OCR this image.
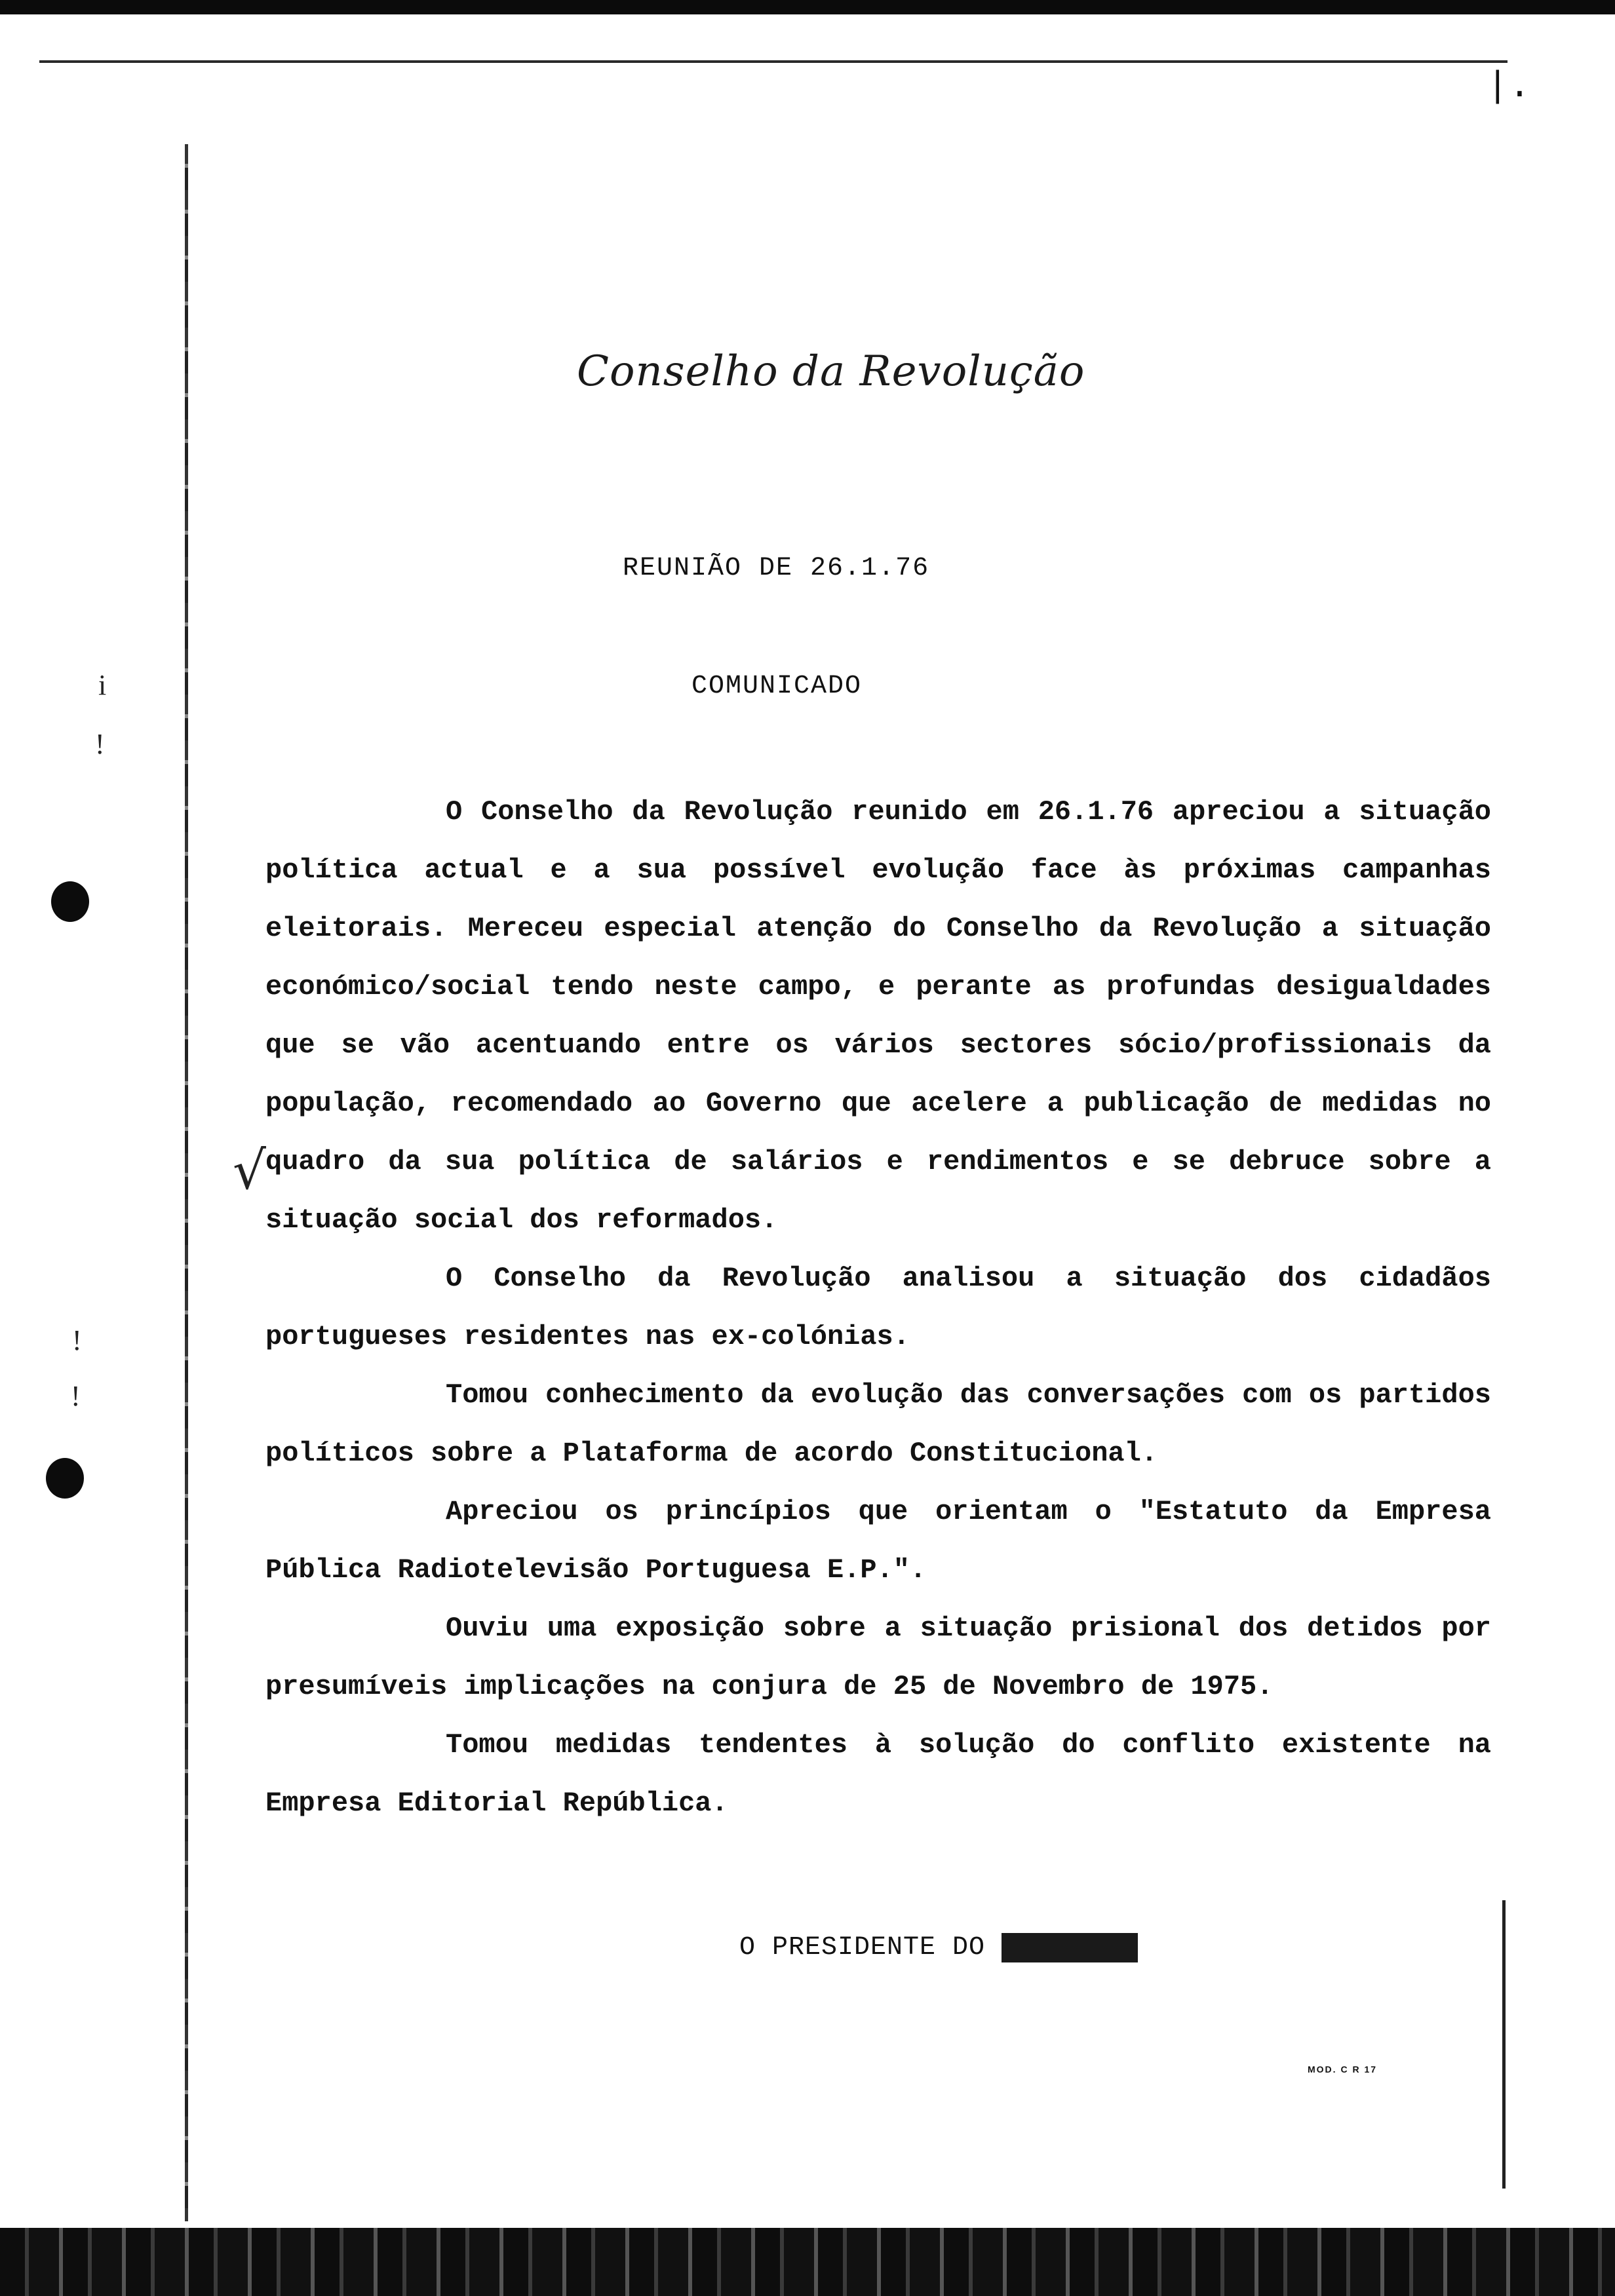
|.
i
!
!
!
√
Conselho da Revolução
REUNIÃO DE 26.1.76
COMUNICADO

O Conselho da Revolução reunido em 26.1.76 apreciou a situação política actual e a sua possível evolução face às próximas campanhas eleitorais. Mereceu especial atenção do Conselho da Revolução a situação económico/social tendo neste campo, e perante as profundas desigualdades que se vão acentuando entre os vários sectores sócio/profissionais da população, recomendado ao Governo que acelere a publicação de medidas no quadro da sua política de salários e rendimentos e se debruce sobre a situação social dos reformados.

O Conselho da Revolução analisou a situação dos cidadãos portugueses residentes nas ex-colónias.

Tomou conhecimento da evolução das conversações com os partidos políticos sobre a Plataforma de acordo Constitucional.

Apreciou os princípios que orientam o "Estatuto da Empresa Pública Radiotelevisão Portuguesa E.P.".

Ouviu uma exposição sobre a situação prisional dos detidos por presumíveis implicações na conjura de 25 de Novembro de 1975.

Tomou medidas tendentes à solução do conflito existente na Empresa Editorial República.

O PRESIDENTE DO
MOD. C R 17
